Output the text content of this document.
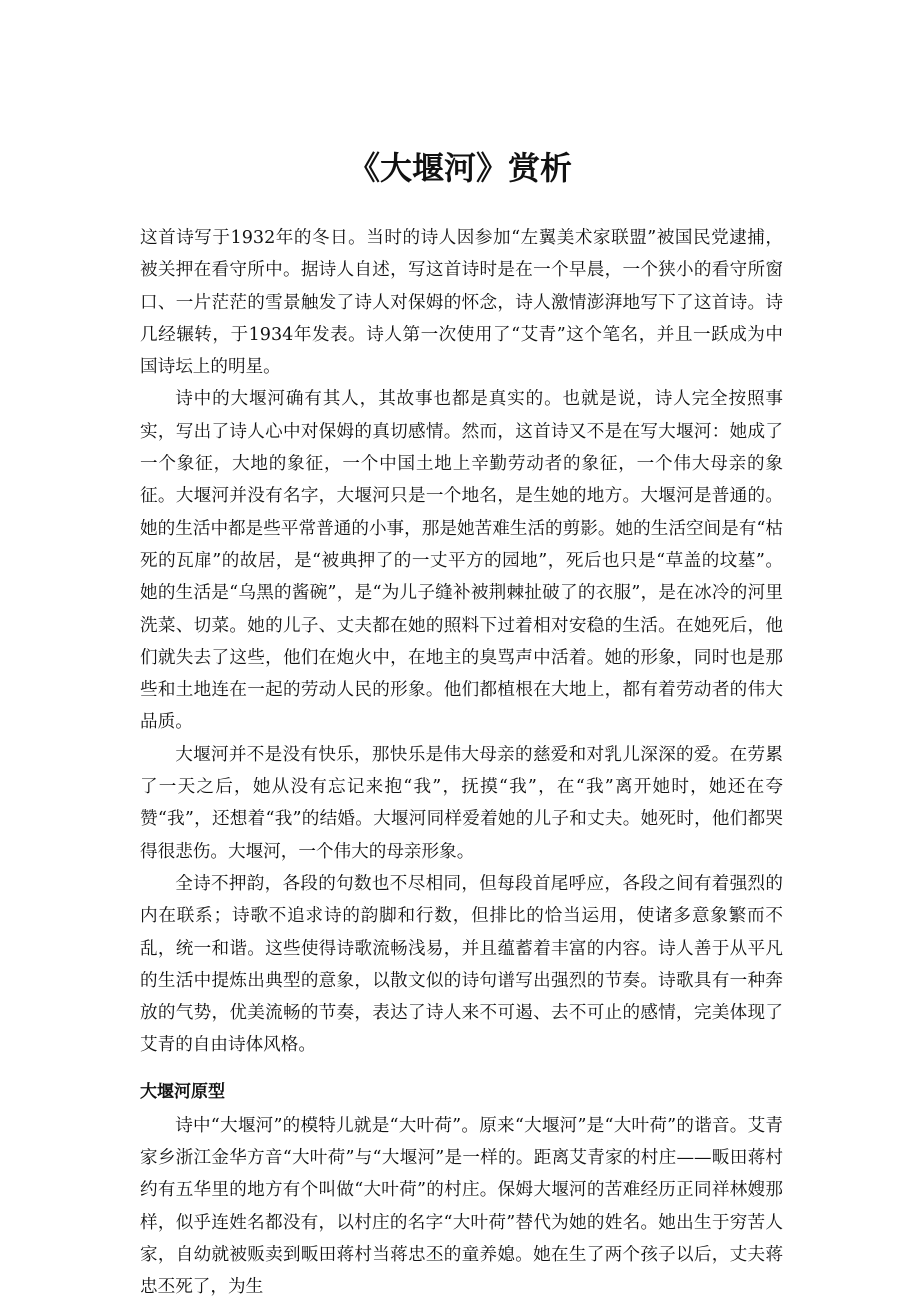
《大堰河》赏析

这首诗写于1932年的冬日。当时的诗人因参加“左翼美术家联盟”被国民党逮捕，被关押在看守所中。据诗人自述，写这首诗时是在一个早晨，一个狭小的看守所窗口、一片茫茫的雪景触发了诗人对保姆的怀念，诗人激情澎湃地写下了这首诗。诗几经辗转，于1934年发表。诗人第一次使用了“艾青”这个笔名，并且一跃成为中国诗坛上的明星。

诗中的大堰河确有其人，其故事也都是真实的。也就是说，诗人完全按照事实，写出了诗人心中对保姆的真切感情。然而，这首诗又不是在写大堰河：她成了一个象征，大地的象征，一个中国土地上辛勤劳动者的象征，一个伟大母亲的象征。大堰河并没有名字，大堰河只是一个地名，是生她的地方。大堰河是普通的。她的生活中都是些平常普通的小事，那是她苦难生活的剪影。她的生活空间是有“枯死的瓦扉”的故居，是“被典押了的一丈平方的园地”，死后也只是“草盖的坟墓”。她的生活是“乌黑的酱碗”，是“为儿子缝补被荆棘扯破了的衣服”，是在冰冷的河里洗菜、切菜。她的儿子、丈夫都在她的照料下过着相对安稳的生活。在她死后，他们就失去了这些，他们在炮火中，在地主的臭骂声中活着。她的形象，同时也是那些和土地连在一起的劳动人民的形象。他们都植根在大地上，都有着劳动者的伟大品质。

大堰河并不是没有快乐，那快乐是伟大母亲的慈爱和对乳儿深深的爱。在劳累了一天之后，她从没有忘记来抱“我”，抚摸“我”，在“我”离开她时，她还在夸赞“我”，还想着“我”的结婚。大堰河同样爱着她的儿子和丈夫。她死时，他们都哭得很悲伤。大堰河，一个伟大的母亲形象。

全诗不押韵，各段的句数也不尽相同，但每段首尾呼应，各段之间有着强烈的内在联系；诗歌不追求诗的韵脚和行数，但排比的恰当运用，使诸多意象繁而不乱，统一和谐。这些使得诗歌流畅浅易，并且蕴蓄着丰富的内容。诗人善于从平凡的生活中提炼出典型的意象，以散文似的诗句谱写出强烈的节奏。诗歌具有一种奔放的气势，优美流畅的节奏，表达了诗人来不可遏、去不可止的感情，完美体现了艾青的自由诗体风格。

大堰河原型

诗中“大堰河”的模特儿就是“大叶荷”。原来“大堰河”是“大叶荷”的谐音。艾青家乡浙江金华方音“大叶荷”与“大堰河”是一样的。距离艾青家的村庄——畈田蒋村约有五华里的地方有个叫做“大叶荷”的村庄。保姆大堰河的苦难经历正同祥林嫂那样，似乎连姓名都没有，以村庄的名字“大叶荷”替代为她的姓名。她出生于穷苦人家，自幼就被贩卖到畈田蒋村当蒋忠丕的童养媳。她在生了两个孩子以后，丈夫蒋忠丕死了，为生
